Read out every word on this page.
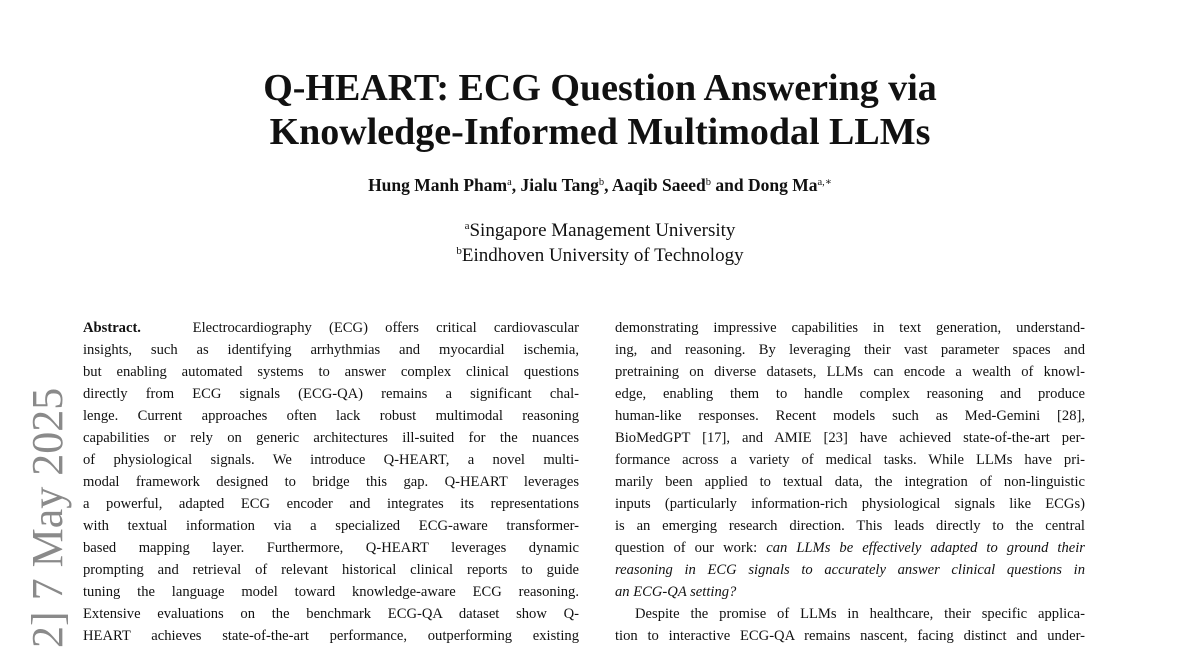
Q-HEART: ECG Question Answering via
Knowledge-Informed Multimodal LLMs
Hung Manh Pham$^a$, Jialu Tang$^b$, Aaqib Saeed$^b$ and Dong $Ma^{a,∗}$
$^a$Singapore Management University
$^b$Eindhoven University of Technology
2] 7 May 2025
Abstract.	Electrocardiography (ECG) offers critical cardiovascular
insights, such as identifying arrhythmias and myocardial ischemia,
but enabling automated systems to answer complex clinical questions
directly from ECG signals (ECG-QA) remains a significant chal-
lenge. Current approaches often lack robust multimodal reasoning
capabilities or rely on generic architectures ill-suited for the nuances
of physiological signals. We introduce Q-HEART, a novel multi-
modal framework designed to bridge this gap. Q-HEART leverages
a powerful, adapted ECG encoder and integrates its representations
with textual information via a specialized ECG-aware transformer-
based mapping layer. Furthermore, Q-HEART leverages dynamic
prompting and retrieval of relevant historical clinical reports to guide
tuning the language model toward knowledge-aware ECG reasoning.
Extensive evaluations on the benchmark ECG-QA dataset show Q-
HEART achieves state-of-the-art performance, outperforming existing
demonstrating impressive capabilities in text generation, understand-
ing, and reasoning. By leveraging their vast parameter spaces and
pretraining on diverse datasets, LLMs can encode a wealth of knowl-
edge, enabling them to handle complex reasoning and produce
human-like responses. Recent models such as Med-Gemini [28],
BioMedGPT [17], and AMIE [23] have achieved state-of-the-art per-
formance across a variety of medical tasks. While LLMs have pri-
marily been applied to textual data, the integration of non-linguistic
inputs (particularly information-rich physiological signals like ECGs)
is an emerging research direction. This leads directly to the central
question of our work: can LLMs be effectively adapted to ground their
reasoning in ECG signals to accurately answer clinical questions in
an ECG-QA setting?
Despite the promise of LLMs in healthcare, their specific applica-
tion to interactive ECG-QA remains nascent, facing distinct and under-
